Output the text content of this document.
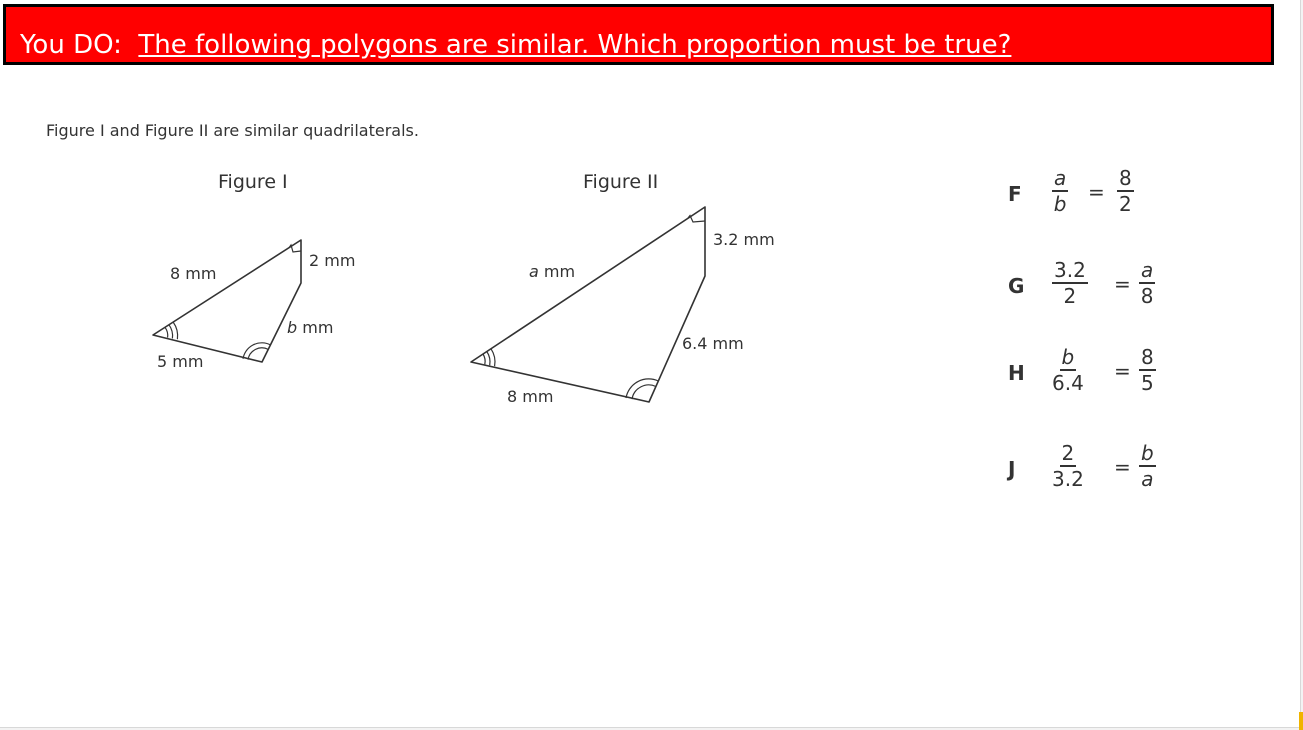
You DO: The following polygons are similar. Which proportion must be true?
Figure I and Figure II are similar quadrilaterals.
Figure I	Figure II
8 mm
2 mm
b mm
5 mm
a mm
3.2 mm
6.4 mm
8 mm
F $\frac{a}{b} = \frac{8}{2}$
G $\frac{3.2}{2} = \frac{a}{8}$
H $\frac{b}{6.4} = \frac{8}{5}$
J $\frac{2}{3.2} = \frac{b}{a}$
